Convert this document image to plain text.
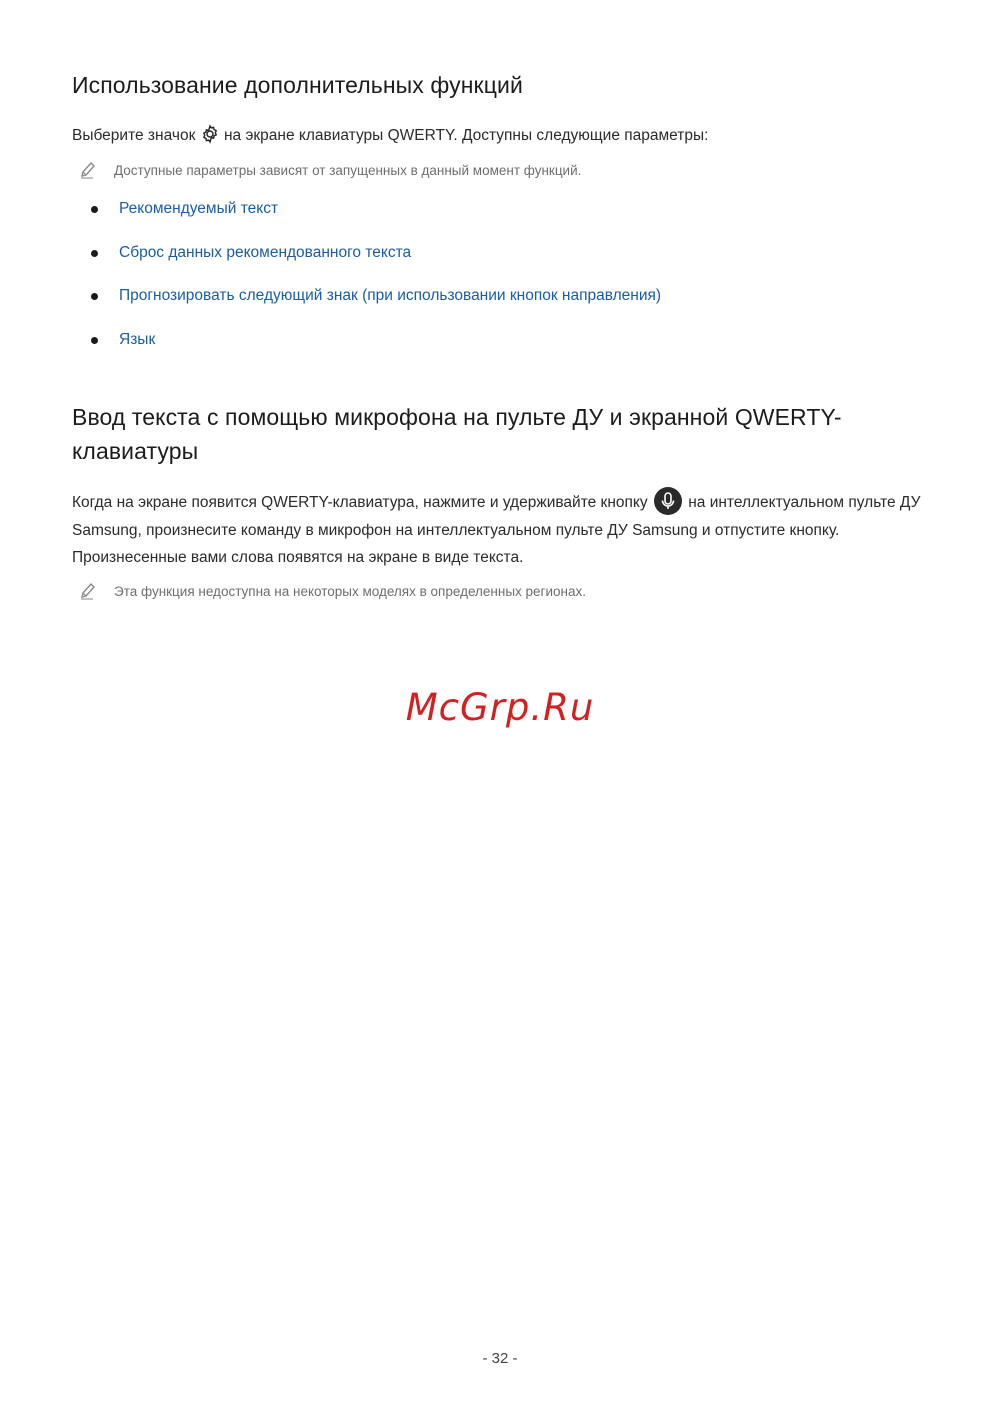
Использование дополнительных функций

Выберите значок
на экране клавиатуры QWERTY. Доступны следующие параметры:

Доступные параметры зависят от запущенных в данный момент функций.
Рекомендуемый текст
Сброс данных рекомендованного текста
Прогнозировать следующий знак (при использовании кнопок направления)
Язык
Ввод текста с помощью микрофона на пульте ДУ и экранной QWERTY-клавиатуры

Когда на экране появится QWERTY-клавиатура, нажмите и удерживайте кнопку
на интеллектуальном пульте ДУ Samsung, произнесите команду в микрофон на интеллектуальном пульте ДУ Samsung и отпустите кнопку. Произнесенные вами слова появятся на экране в виде текста.

Эта функция недоступна на некоторых моделях в определенных регионах.
McGrp.Ru
- 32 -
